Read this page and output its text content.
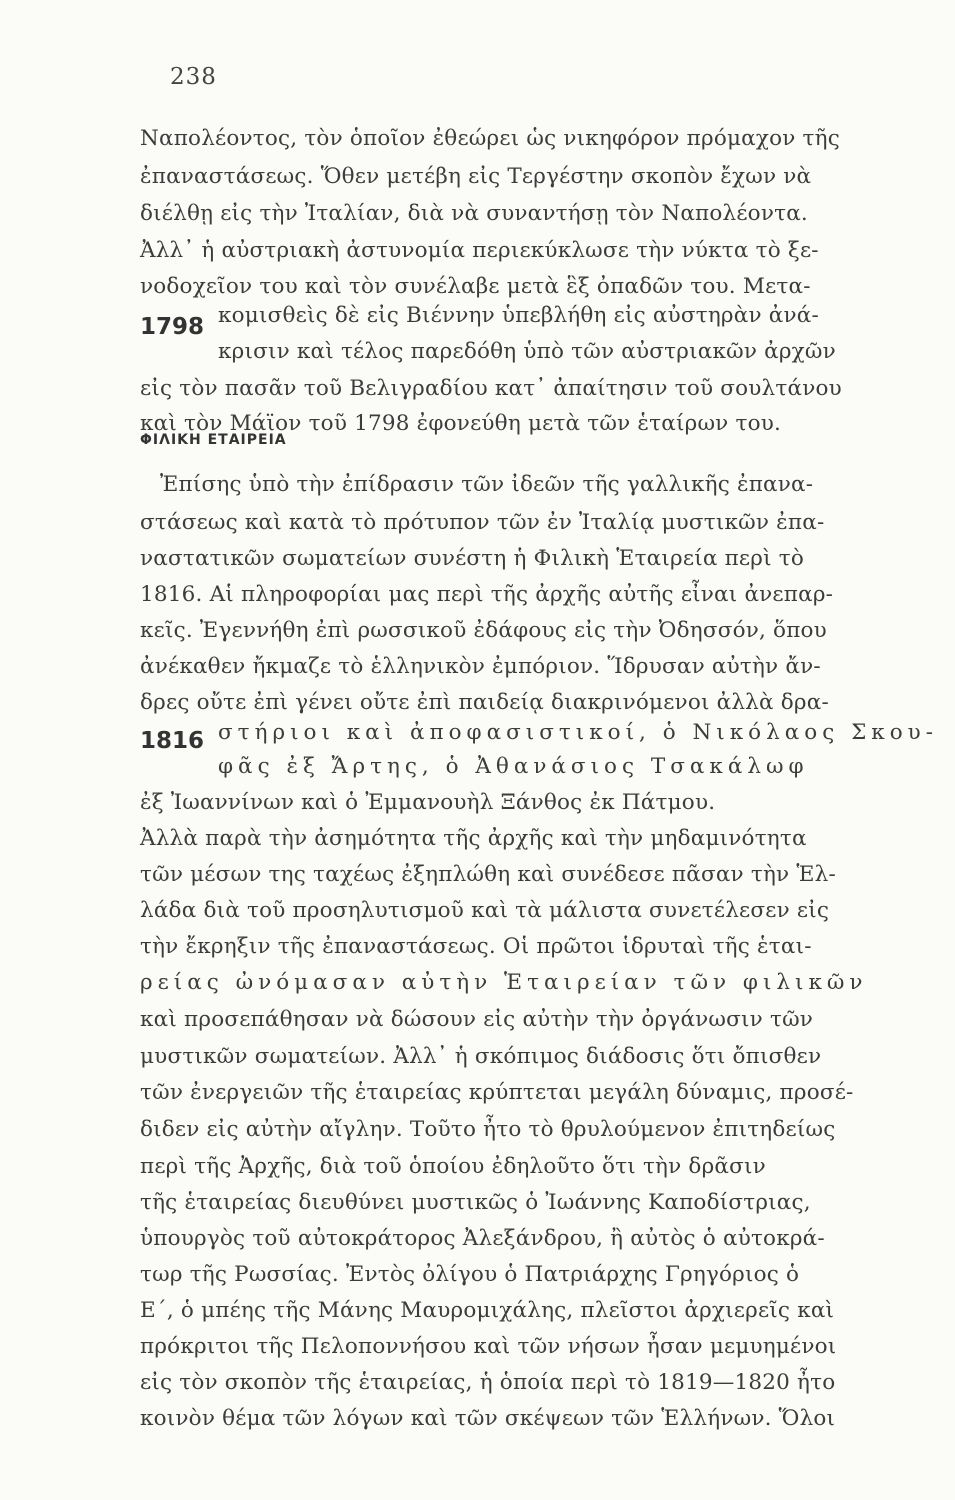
238
Ναπολέοντος, τὸν ὁποῖον ἐθεώρει ὡς νικηφόρον πρόμαχον τῆς
ἐπαναστάσεως. Ὅθεν μετέβη εἰς Τεργέστην σκοπὸν ἔχων νὰ
διέλθῃ εἰς τὴν Ἰταλίαν, διὰ νὰ συναντήσῃ τὸν Ναπολέοντα.
Ἀλλ᾽ ἡ αὐστριακὴ ἀστυνομία περιεκύκλωσε τὴν νύκτα τὸ ξε-
νοδοχεῖον του καὶ τὸν συνέλαβε μετὰ ἓξ ὀπαδῶν του. Μετα-
κομισθεὶς δὲ εἰς Βιέννην ὑπεβλήθη εἰς αὐστηρὰν ἀνά-
1798
κρισιν καὶ τέλος παρεδόθη ὑπὸ τῶν αὐστριακῶν ἀρχῶν
εἰς τὸν πασᾶν τοῦ Βελιγραδίου κατ᾽ ἀπαίτησιν τοῦ σουλτάνου
καὶ τὸν Μάϊον τοῦ 1798 ἐφονεύθη μετὰ τῶν ἑταίρων του.
ΦΙΛΙΚΗ ΕΤΑΙΡΕΙΑ
Ἐπίσης ὑπὸ τὴν ἐπίδρασιν τῶν ἰδεῶν τῆς γαλλικῆς ἐπανα-
στάσεως καὶ κατὰ τὸ πρότυπον τῶν ἐν Ἰταλίᾳ μυστικῶν ἐπα-
ναστατικῶν σωματείων συνέστη ἡ Φιλικὴ Ἑταιρεία περὶ τὸ
1816. Αἱ πληροφορίαι μας περὶ τῆς ἀρχῆς αὐτῆς εἶναι ἀνεπαρ-
κεῖς. Ἐγεννήθη ἐπὶ ρωσσικοῦ ἐδάφους εἰς τὴν Ὀδησσόν, ὅπου
ἀνέκαθεν ἤκμαζε τὸ ἑλληνικὸν ἐμπόριον. Ἵδρυσαν αὐτὴν ἄν-
δρες οὔτε ἐπὶ γένει οὔτε ἐπὶ παιδείᾳ διακρινόμενοι ἀλλὰ δρα-
στήριοι καὶ ἀποφασιστικοί, ὁ Νικόλαος Σκου-
1816
φᾶς ἐξ Ἄρτης, ὁ Ἀθανάσιος Τσακάλωφ
ἐξ Ἰωαννίνων καὶ ὁ Ἐμμανουὴλ Ξάνθος ἐκ Πάτμου.
Ἀλλὰ παρὰ τὴν ἀσημότητα τῆς ἀρχῆς καὶ τὴν μηδαμινότητα
τῶν μέσων της ταχέως ἐξηπλώθη καὶ συνέδεσε πᾶσαν τὴν Ἑλ-
λάδα διὰ τοῦ προσηλυτισμοῦ καὶ τὰ μάλιστα συνετέλεσεν εἰς
τὴν ἔκρηξιν τῆς ἐπαναστάσεως. Οἱ πρῶτοι ἱδρυταὶ τῆς ἑται-
ρείας ὠνόμασαν αὐτὴν Ἑταιρείαν τῶν φιλικῶν
καὶ προσεπάθησαν νὰ δώσουν εἰς αὐτὴν τὴν ὀργάνωσιν τῶν
μυστικῶν σωματείων. Ἀλλ᾽ ἡ σκόπιμος διάδοσις ὅτι ὄπισθεν
τῶν ἐνεργειῶν τῆς ἑταιρείας κρύπτεται μεγάλη δύναμις, προσέ-
διδεν εἰς αὐτὴν αἴγλην. Τοῦτο ἦτο τὸ θρυλούμενον ἐπιτηδείως
περὶ τῆς Ἀρχῆς, διὰ τοῦ ὁποίου ἐδηλοῦτο ὅτι τὴν δρᾶσιν
τῆς ἑταιρείας διευθύνει μυστικῶς ὁ Ἰωάννης Καποδίστριας,
ὑπουργὸς τοῦ αὐτοκράτορος Ἀλεξάνδρου, ἢ αὐτὸς ὁ αὐτοκρά-
τωρ τῆς Ρωσσίας. Ἐντὸς ὀλίγου ὁ Πατριάρχης Γρηγόριος ὁ
Ε΄, ὁ μπέης τῆς Μάνης Μαυρομιχάλης, πλεῖστοι ἀρχιερεῖς καὶ
πρόκριτοι τῆς Πελοποννήσου καὶ τῶν νήσων ἦσαν μεμυημένοι
εἰς τὸν σκοπὸν τῆς ἑταιρείας, ἡ ὁποία περὶ τὸ 1819—1820 ἦτο
κοινὸν θέμα τῶν λόγων καὶ τῶν σκέψεων τῶν Ἑλλήνων. Ὅλοι
